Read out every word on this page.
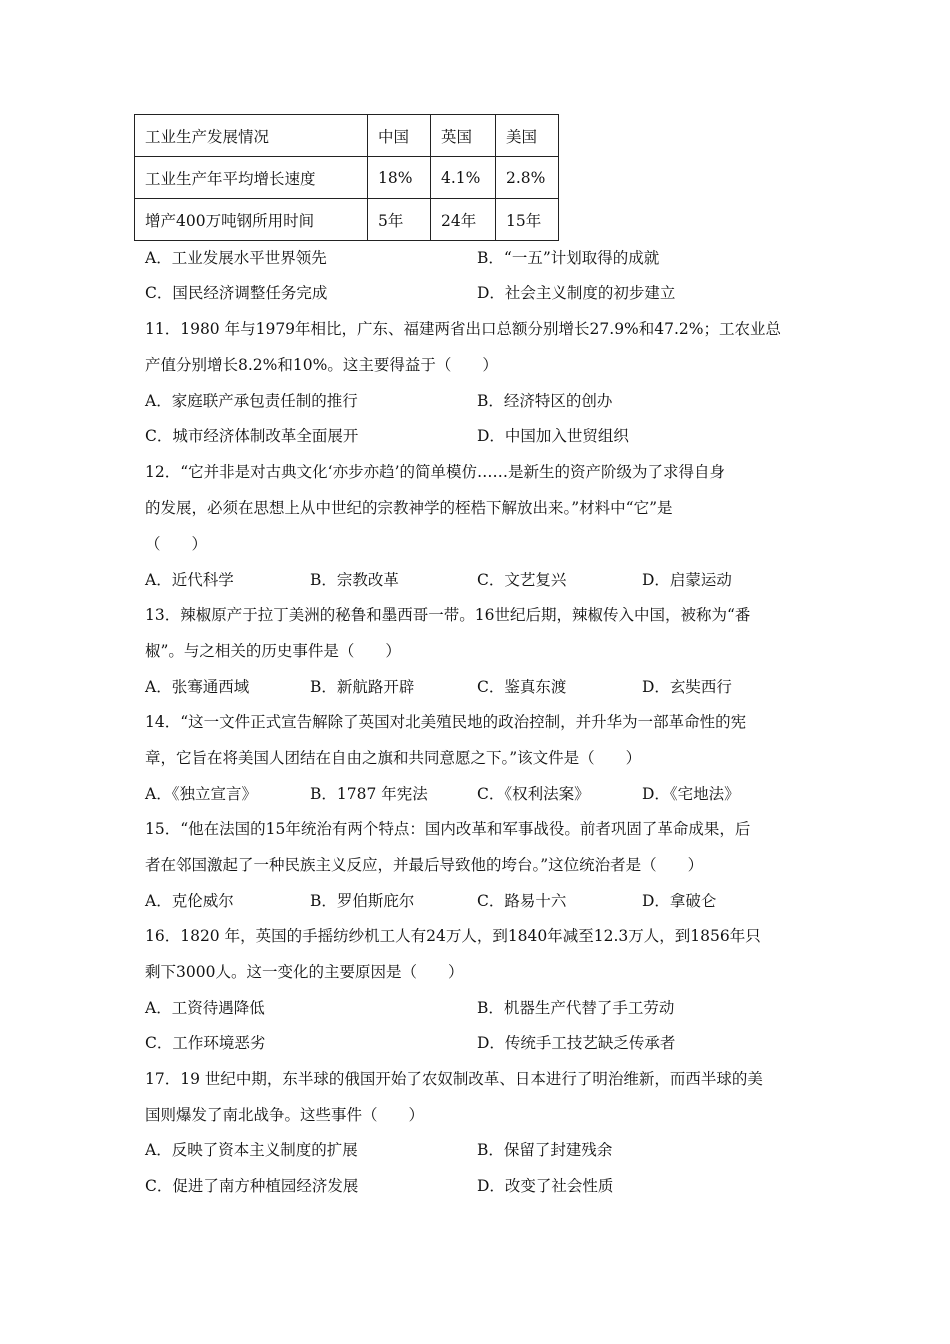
工业生产发展情况	中国	英国	美国
工业生产年平均增长速度	18%	4.1%	2.8%
增产400万吨钢所用时间	5年	24年	15年
A．工业发展水平世界领先	B．“一五”计划取得的成就
C．国民经济调整任务完成	D．社会主义制度的初步建立
11．1980 年与1979年相比，广东、福建两省出口总额分别增长27.9%和47.2%；工农业总
产值分别增长8.2%和10%。这主要得益于（　　）
A．家庭联产承包责任制的推行	B．经济特区的创办
C．城市经济体制改革全面展开	D．中国加入世贸组织
12．“它并非是对古典文化‘亦步亦趋’的简单模仿……是新生的资产阶级为了求得自身
的发展，必须在思想上从中世纪的宗教神学的桎梏下解放出来。”材料中“它”是
（　　）
A．近代科学	B．宗教改革	C．文艺复兴	D．启蒙运动
13．辣椒原产于拉丁美洲的秘鲁和墨西哥一带。16世纪后期，辣椒传入中国，被称为“番
椒”。与之相关的历史事件是（　　）
A．张骞通西域	B．新航路开辟	C．鉴真东渡	D．玄奘西行
14．“这一文件正式宣告解除了英国对北美殖民地的政治控制，并升华为一部革命性的宪
章，它旨在将美国人团结在自由之旗和共同意愿之下。”该文件是（　　）
A．《独立宣言》	B．1787 年宪法	C．《权利法案》	D．《宅地法》
15．“他在法国的15年统治有两个特点：国内改革和军事战役。前者巩固了革命成果，后
者在邻国激起了一种民族主义反应，并最后导致他的垮台。”这位统治者是（　　）
A．克伦威尔	B．罗伯斯庇尔	C．路易十六	D．拿破仑
16．1820 年，英国的手摇纺纱机工人有24万人，到1840年减至12.3万人，到1856年只
剩下3000人。这一变化的主要原因是（　　）
A．工资待遇降低	B．机器生产代替了手工劳动
C．工作环境恶劣	D．传统手工技艺缺乏传承者
17．19 世纪中期，东半球的俄国开始了农奴制改革、日本进行了明治维新，而西半球的美
国则爆发了南北战争。这些事件（　　）
A．反映了资本主义制度的扩展	B．保留了封建残余
C．促进了南方种植园经济发展	D．改变了社会性质
